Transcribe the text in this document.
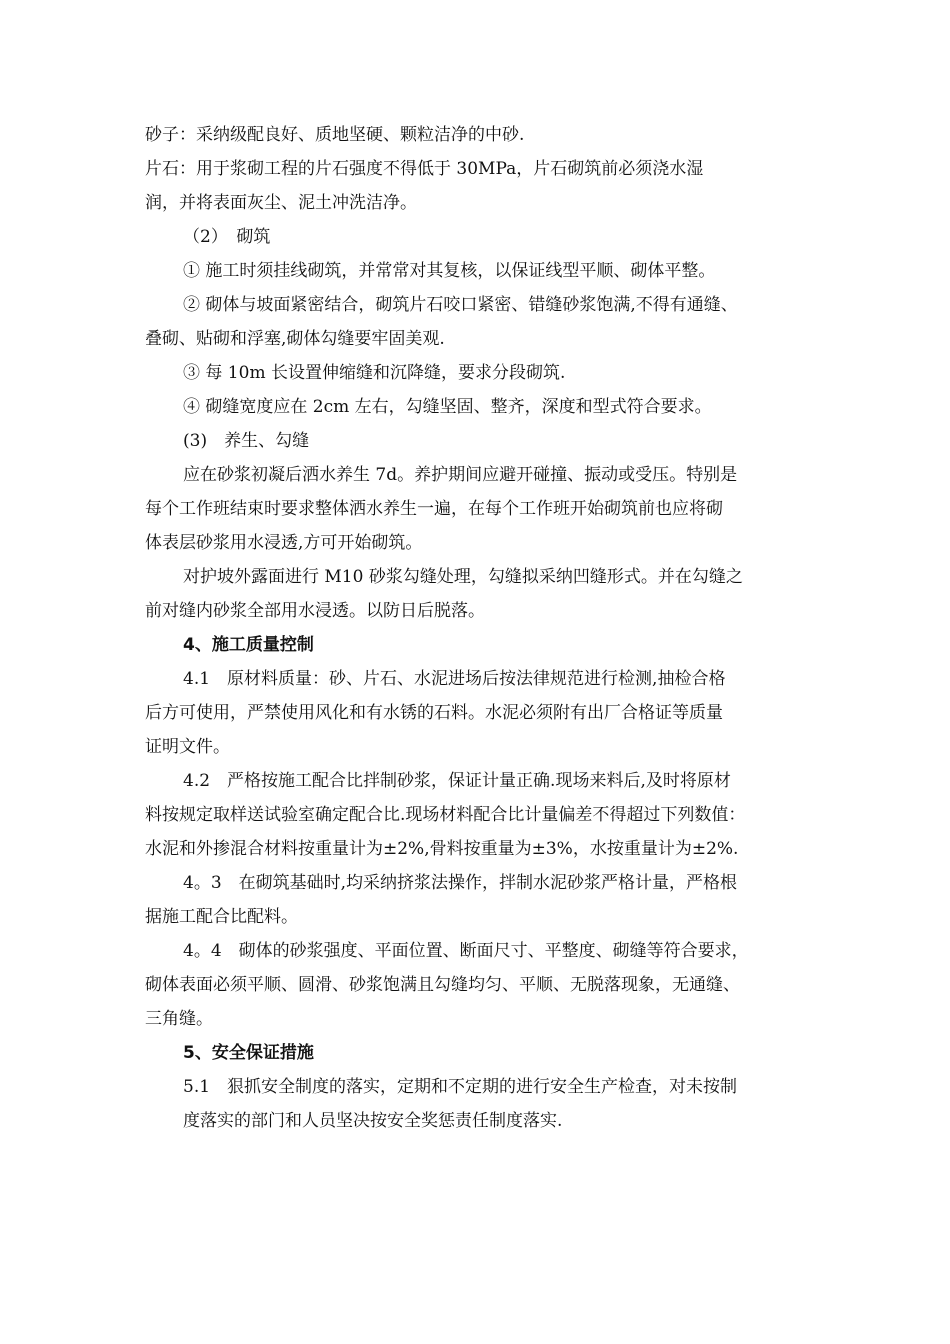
砂子：采纳级配良好、质地坚硬、颗粒洁净的中砂.
片石：用于浆砌工程的片石强度不得低于 30MPa，片石砌筑前必须浇水湿
润，并将表面灰尘、泥土冲洗洁净。
（2）　砌筑
① 施工时须挂线砌筑，并常常对其复核，以保证线型平顺、砌体平整。
② 砌体与坡面紧密结合，砌筑片石咬口紧密、错缝砂浆饱满,不得有通缝、
叠砌、贴砌和浮塞,砌体勾缝要牢固美观.
③ 每 10m 长设置伸缩缝和沉降缝，要求分段砌筑.
④ 砌缝宽度应在 2cm 左右，勾缝坚固、整齐，深度和型式符合要求。
(3)　养生、勾缝
应在砂浆初凝后洒水养生 7d。养护期间应避开碰撞、振动或受压。特别是
每个工作班结束时要求整体洒水养生一遍，在每个工作班开始砌筑前也应将砌
体表层砂浆用水浸透,方可开始砌筑。
对护坡外露面进行 M10 砂浆勾缝处理，勾缝拟采纳凹缝形式。并在勾缝之
前对缝内砂浆全部用水浸透。以防日后脱落。
4、施工质量控制
4.1　原材料质量：砂、片石、水泥进场后按法律规范进行检测,抽检合格
后方可使用，严禁使用风化和有水锈的石料。水泥必须附有出厂合格证等质量
证明文件。
4.2　严格按施工配合比拌制砂浆，保证计量正确.现场来料后,及时将原材
料按规定取样送试验室确定配合比.现场材料配合比计量偏差不得超过下列数值：
水泥和外掺混合材料按重量计为±2%,骨料按重量为±3%，水按重量计为±2%.
4。3　在砌筑基础时,均采纳挤浆法操作，拌制水泥砂浆严格计量，严格根
据施工配合比配料。
4。4　砌体的砂浆强度、平面位置、断面尺寸、平整度、砌缝等符合要求，
砌体表面必须平顺、圆滑、砂浆饱满且勾缝均匀、平顺、无脱落现象，无通缝、
三角缝。
5、安全保证措施
5.1　狠抓安全制度的落实，定期和不定期的进行安全生产检查，对未按制
度落实的部门和人员坚决按安全奖惩责任制度落实.
